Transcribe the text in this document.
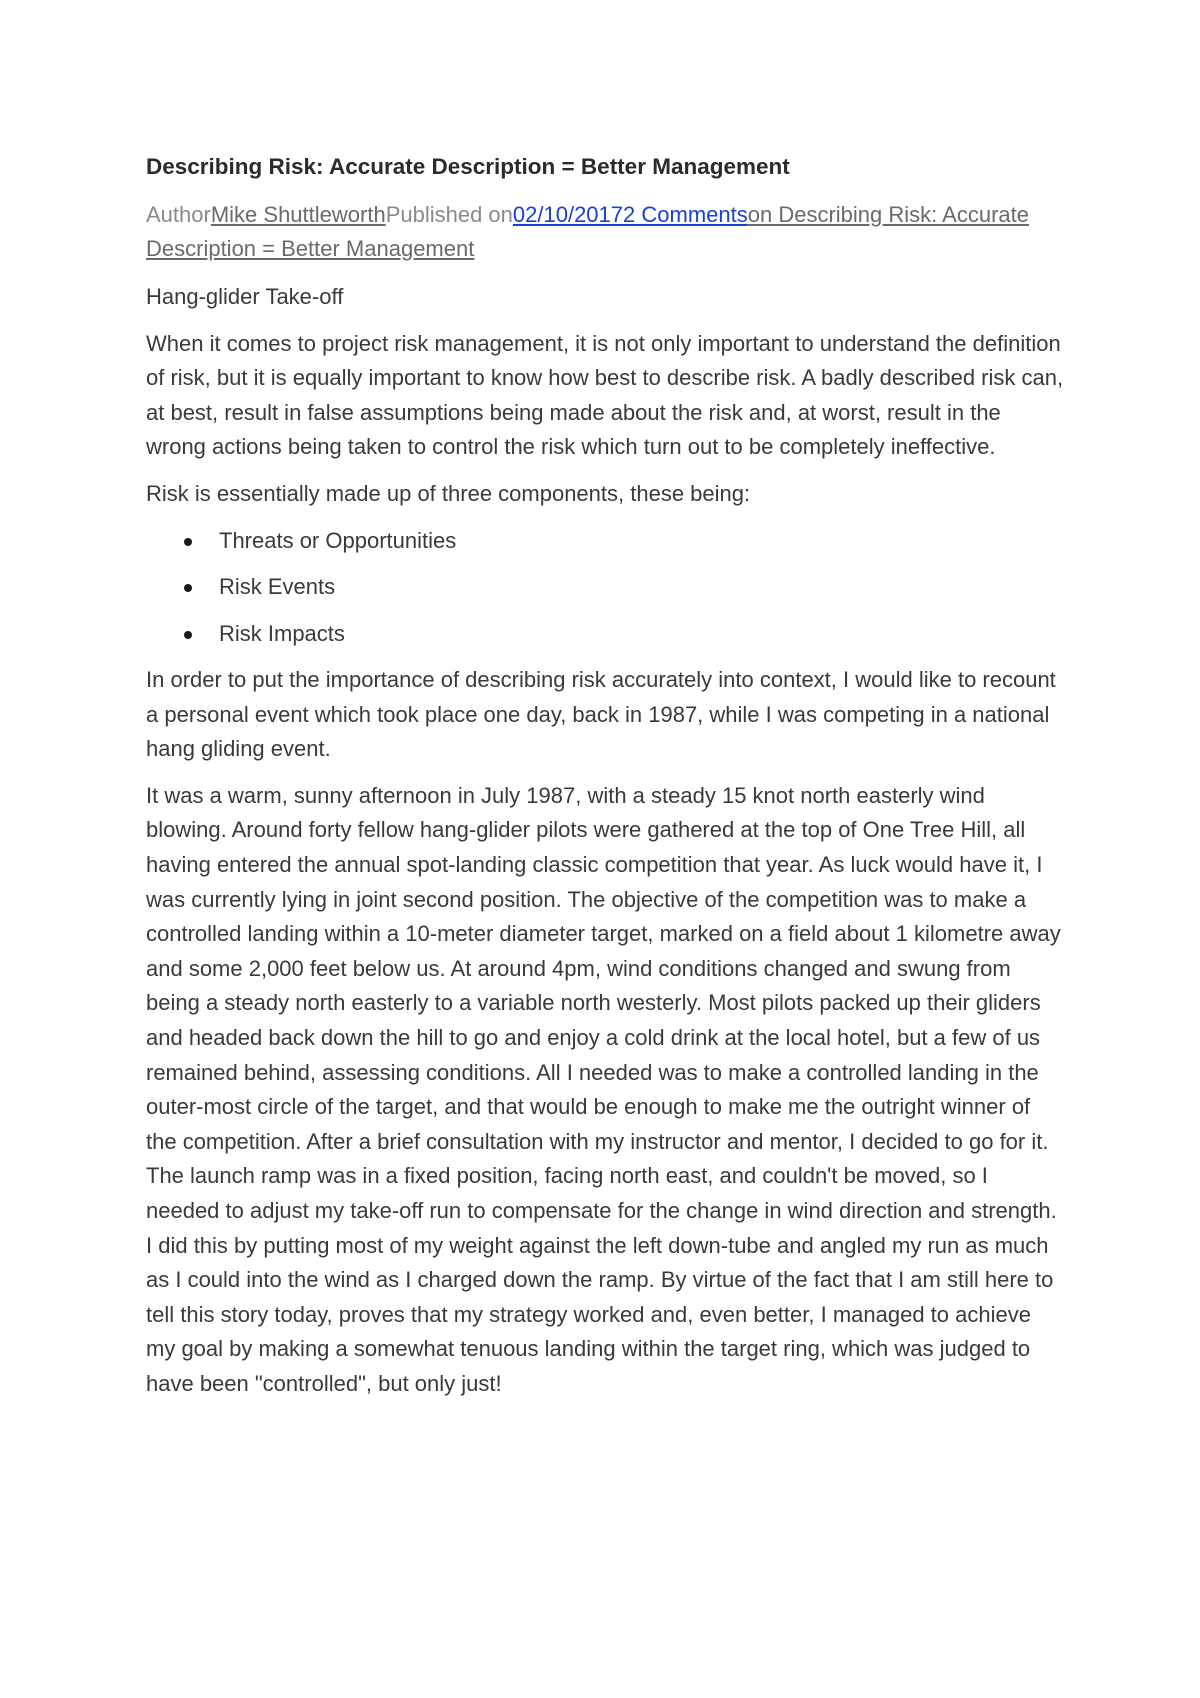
Describing Risk: Accurate Description = Better Management
AuthorMike ShuttleworthPublished on02/10/20172 Commentson Describing Risk: Accurate Description = Better Management

Hang-glider Take-off

When it comes to project risk management, it is not only important to understand the definition of risk, but it is equally important to know how best to describe risk. A badly described risk can, at best, result in false assumptions being made about the risk and, at worst, result in the wrong actions being taken to control the risk which turn out to be completely ineffective.

Risk is essentially made up of three components, these being:

Threats or Opportunities
Risk Events
Risk Impacts

In order to put the importance of describing risk accurately into context, I would like to recount a personal event which took place one day, back in 1987, while I was competing in a national hang gliding event.

It was a warm, sunny afternoon in July 1987, with a steady 15 knot north easterly wind blowing. Around forty fellow hang-glider pilots were gathered at the top of One Tree Hill, all having entered the annual spot-landing classic competition that year. As luck would have it, I was currently lying in joint second position. The objective of the competition was to make a controlled landing within a 10-meter diameter target, marked on a field about 1 kilometre away and some 2,000 feet below us. At around 4pm, wind conditions changed and swung from being a steady north easterly to a variable north westerly. Most pilots packed up their gliders and headed back down the hill to go and enjoy a cold drink at the local hotel, but a few of us remained behind, assessing conditions. All I needed was to make a controlled landing in the outer-most circle of the target, and that would be enough to make me the outright winner of the competition. After a brief consultation with my instructor and mentor, I decided to go for it. The launch ramp was in a fixed position, facing north east, and couldn't be moved, so I needed to adjust my take-off run to compensate for the change in wind direction and strength. I did this by putting most of my weight against the left down-tube and angled my run as much as I could into the wind as I charged down the ramp. By virtue of the fact that I am still here to tell this story today, proves that my strategy worked and, even better, I managed to achieve my goal by making a somewhat tenuous landing within the target ring, which was judged to have been "controlled", but only just!
